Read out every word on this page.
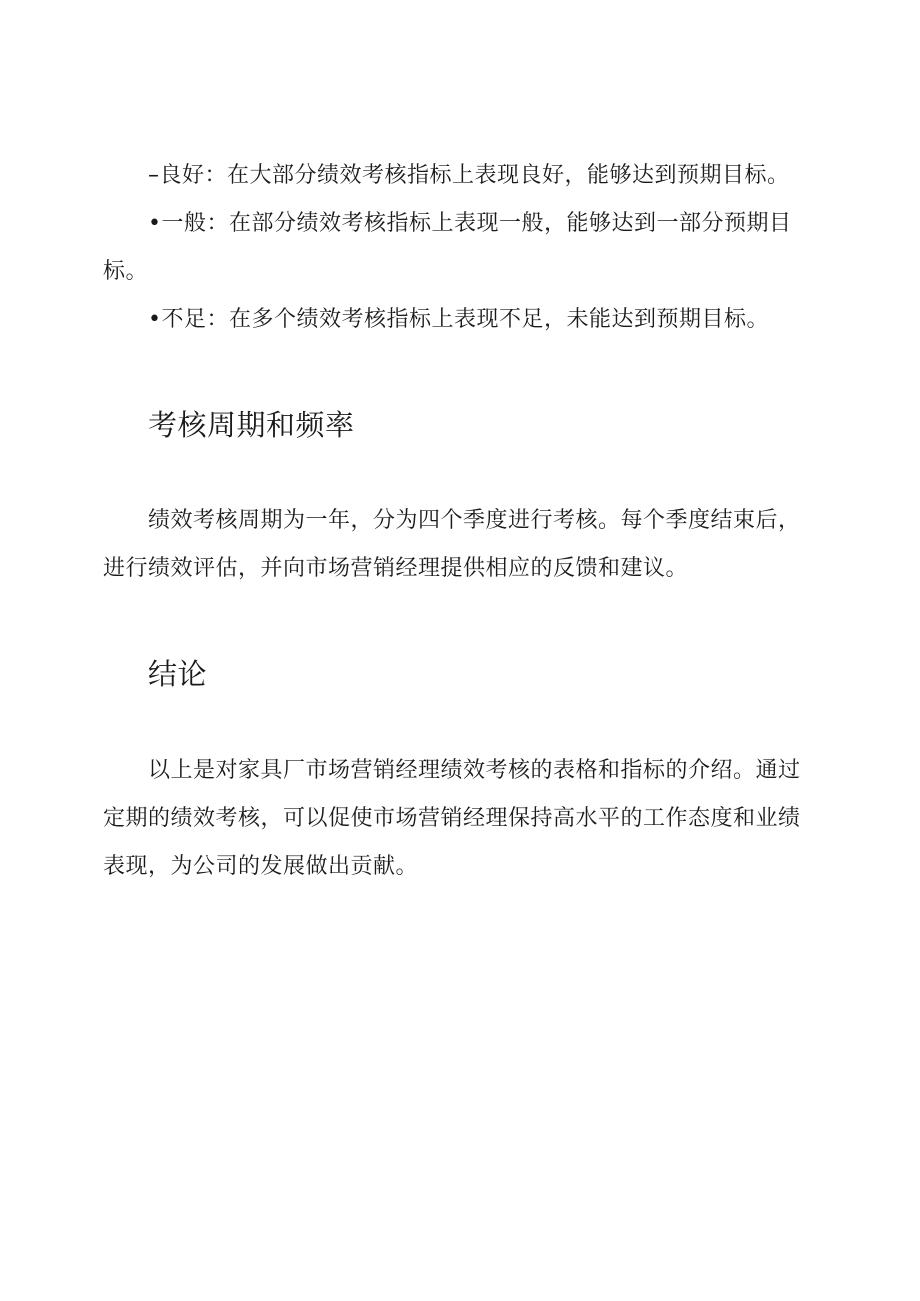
–良好：在大部分绩效考核指标上表现良好，能够达到预期目标。

•一般：在部分绩效考核指标上表现一般，能够达到一部分预期目标。

•不足：在多个绩效考核指标上表现不足，未能达到预期目标。

考核周期和频率

绩效考核周期为一年，分为四个季度进行考核。每个季度结束后，进行绩效评估，并向市场营销经理提供相应的反馈和建议。

结论

以上是对家具厂市场营销经理绩效考核的表格和指标的介绍。通过定期的绩效考核，可以促使市场营销经理保持高水平的工作态度和业绩表现，为公司的发展做出贡献。
